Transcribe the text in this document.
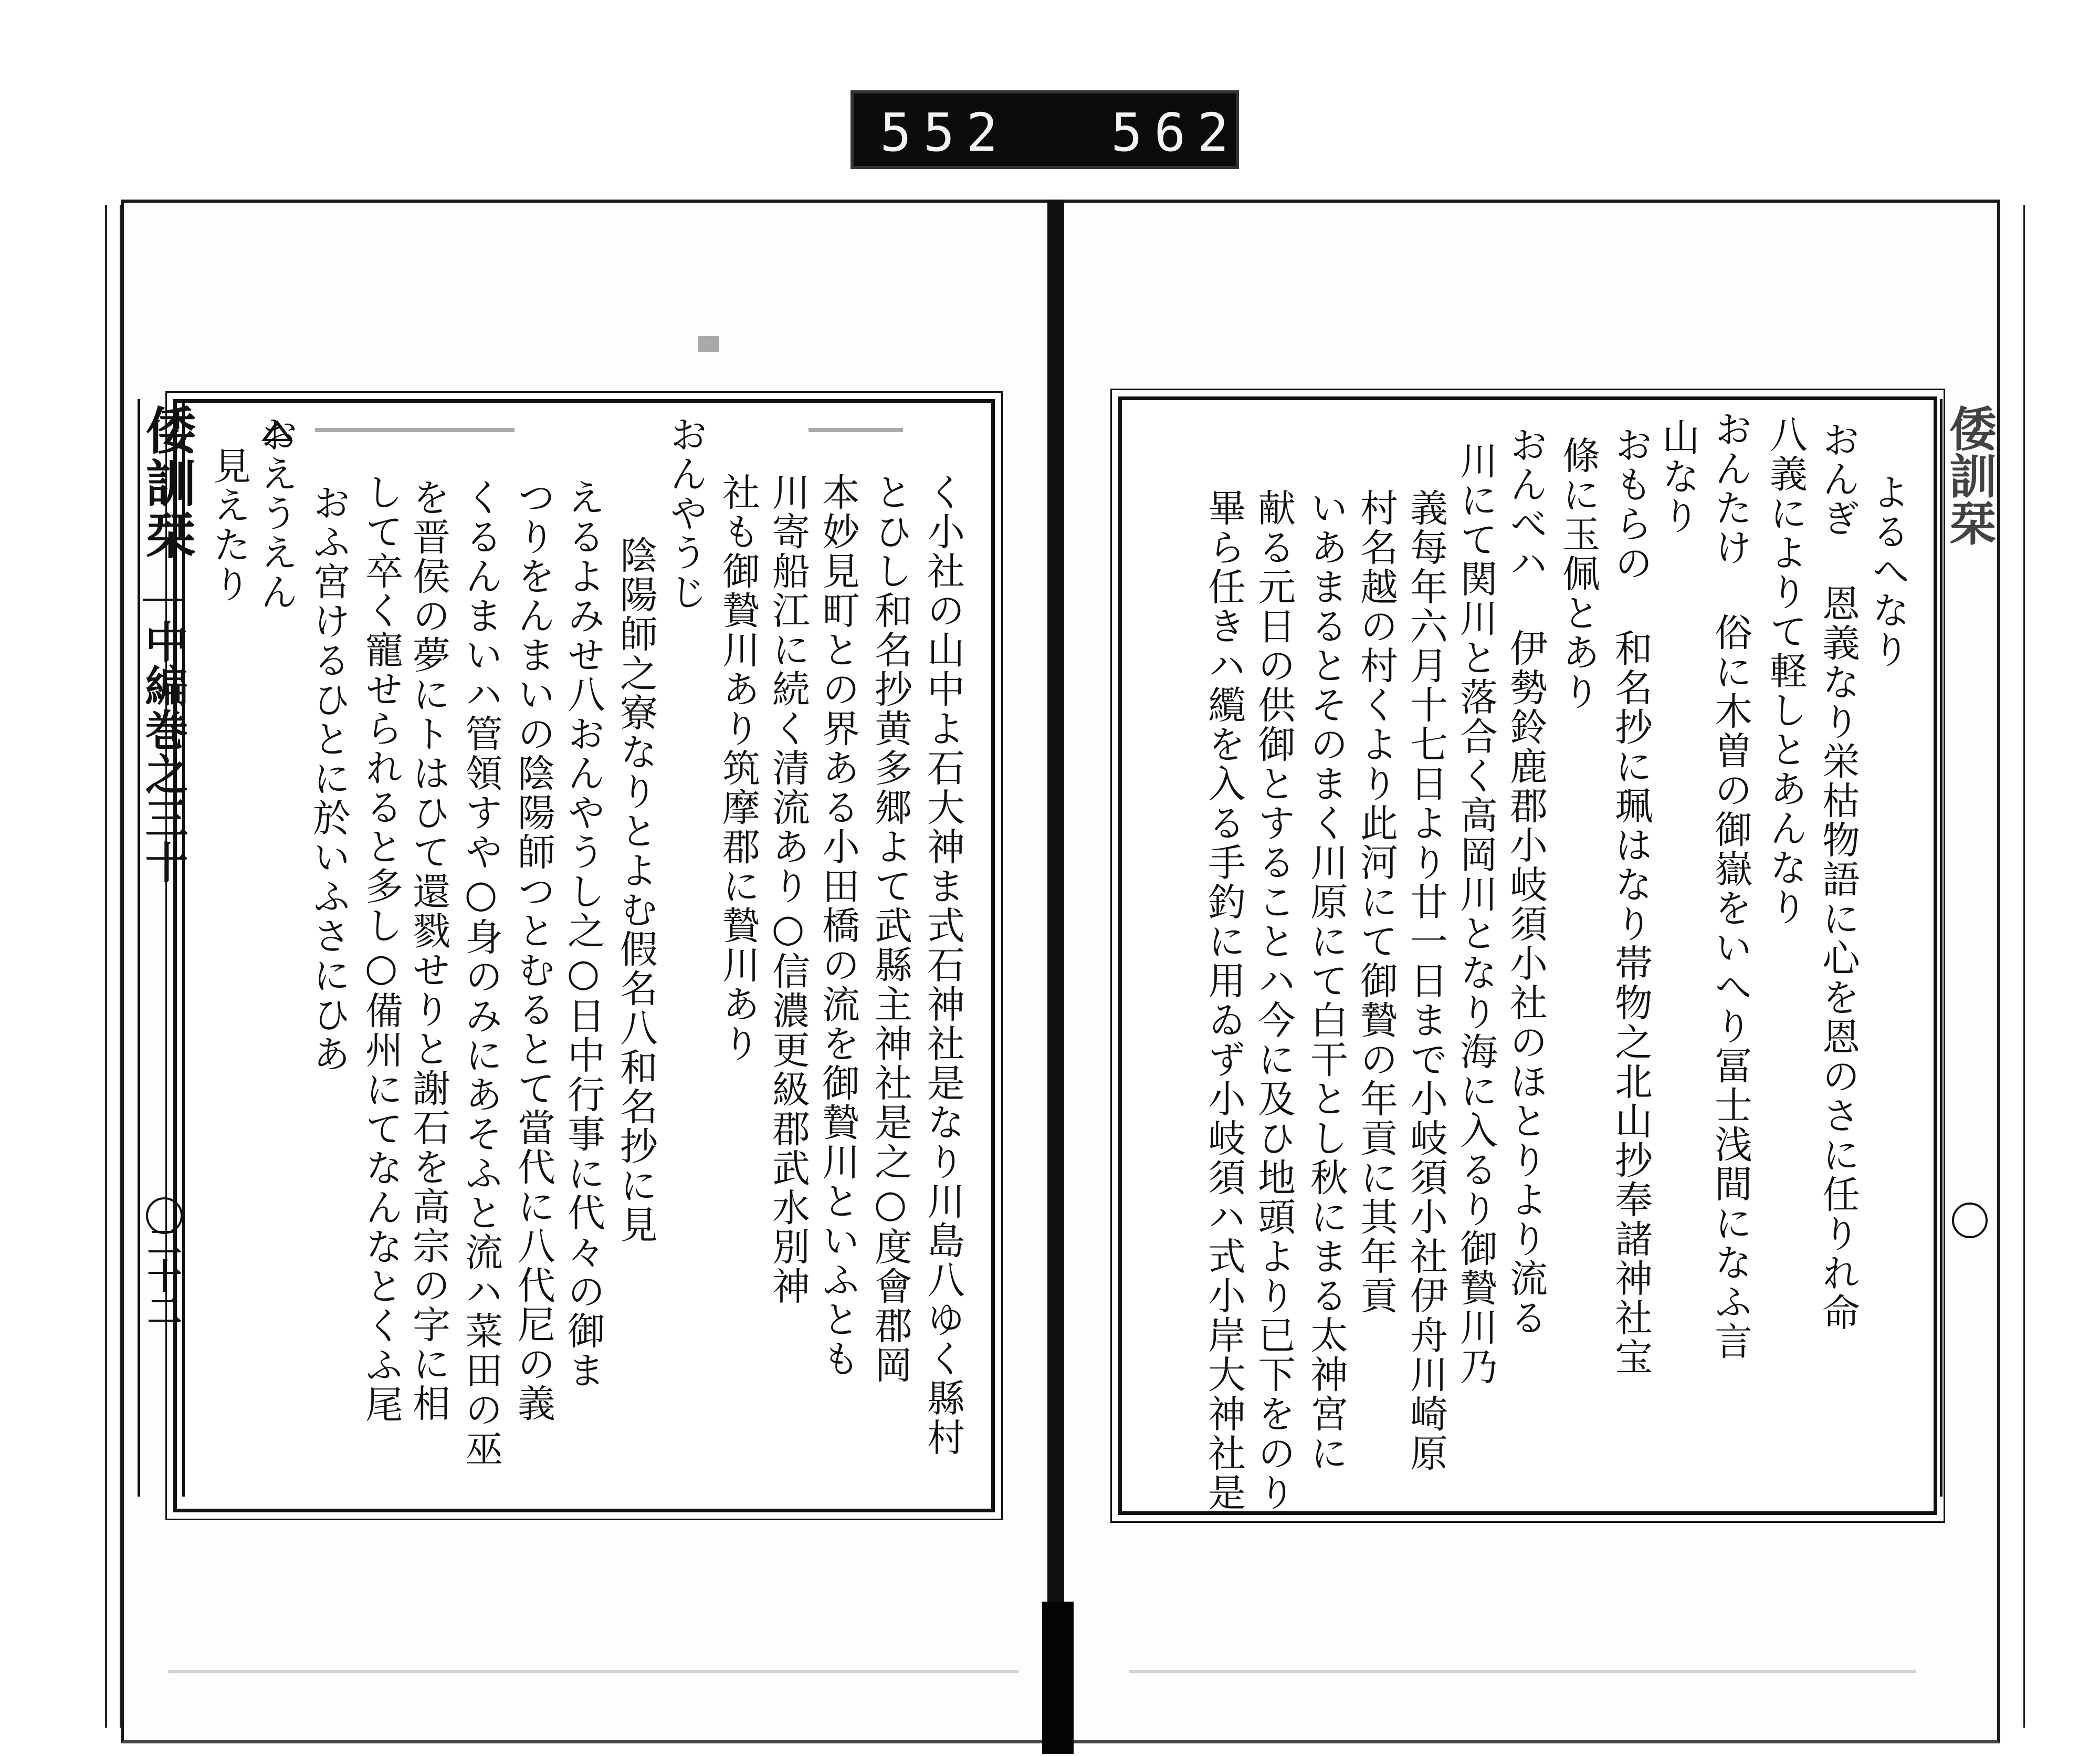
552 562
倭訓栞
中編巻之三十
二十二	く小社の山中よ石大神ま式石神社是なり川島八ゆく縣村
とひし和名抄黄多郷よて武縣主神社是之○度會郡岡
本妙見町との界ある小田橋の流を御贄川といふとも
川寄船江に続く清流あり○信濃更級郡武水別神
社も御贄川あり筑摩郡に贄川あり
おんやうじ
陰陽師之寮なりとよむ假名八和名抄に見
えるよみせ八おんやうし之○日中行事に代々の御ま
つりをんまいの陰陽師つとむるとて當代に八代尼の義
くるんまいハ管領すや○身のみにあそふと流ハ菜田の巫
を晋侯の夢にトはひて還戮せりと謝石を高宗の字に相
して卒く寵せられると多し○備州にてなんなとくふ尾
おふ宮けるひとに於いふさにひあ
おえうえん
見えたり	倭訓栞
よるへなり
おんぎ 恩義なり栄枯物語に心を恩のさに任りれ命
八義によりて軽しとあんなり
おんたけ 俗に木曽の御嶽をいへり冨士浅間になふ言
山なり
おもらの 和名抄に珮はなり帯物之北山抄奉諸神社宝
條に玉佩とあり
おんべハ 伊勢鈴鹿郡小岐須小社のほとりより流る
川にて関川と落合く高岡川となり海に入るり御贄川乃
義每年六月十七日より廿一日まで小岐須小社伊舟川崎原
村名越の村くより此河にて御贄の年貢に其年貢
いあまるとそのまく川原にて白干とし秋にまる太神宮に
献る元日の供御とすることハ今に及ひ地頭より已下をのり
畢ら任きハ䌫を入る手釣に用ゐず小岐須ハ式小岸大神社是
